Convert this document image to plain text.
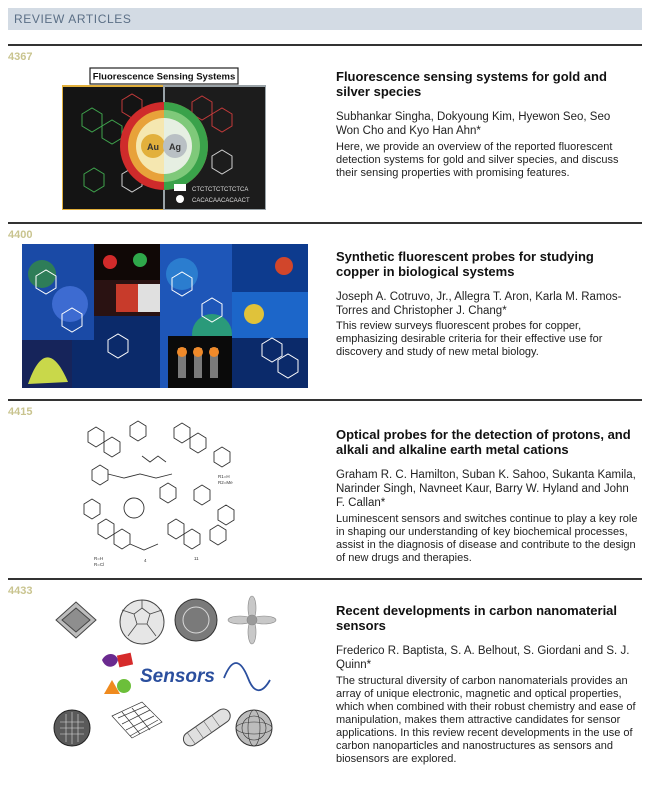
REVIEW ARTICLES
4367
Fluorescence Sensing Systems
Au Ag
CTCTCTCTCTCTCA
CACACAACACAACT
Fluorescence sensing systems for gold and silver species
Subhankar Singha, Dokyoung Kim, Hyewon Seo, Seo Won Cho and Kyo Han Ahn*
Here, we provide an overview of the reported fluorescent detection systems for gold and silver species, and discuss their sensing properties with promising features.
4400
Synthetic fluorescent probes for studying copper in biological systems
Joseph A. Cotruvo, Jr., Allegra T. Aron, Karla M. Ramos-Torres and Christopher J. Chang*
This review surveys fluorescent probes for copper, emphasizing desirable criteria for their effective use for discovery and study of new metal biology.
4415
R1=H
R2=Me
R=H
R=Cl
4	11
Optical probes for the detection of protons, and alkali and alkaline earth metal cations
Graham R. C. Hamilton, Suban K. Sahoo, Sukanta Kamila, Narinder Singh, Navneet Kaur, Barry W. Hyland and John F. Callan*
Luminescent sensors and switches continue to play a key role in shaping our understanding of key biochemical processes, assist in the diagnosis of disease and contribute to the design of new drugs and therapies.
4433
Sensors
Recent developments in carbon nanomaterial sensors
Frederico R. Baptista, S. A. Belhout, S. Giordani and S. J. Quinn*
The structural diversity of carbon nanomaterials provides an array of unique electronic, magnetic and optical properties, which when combined with their robust chemistry and ease of manipulation, makes them attractive candidates for sensor applications. In this review recent developments in the use of carbon nanoparticles and nanostructures as sensors and biosensors are explored.
